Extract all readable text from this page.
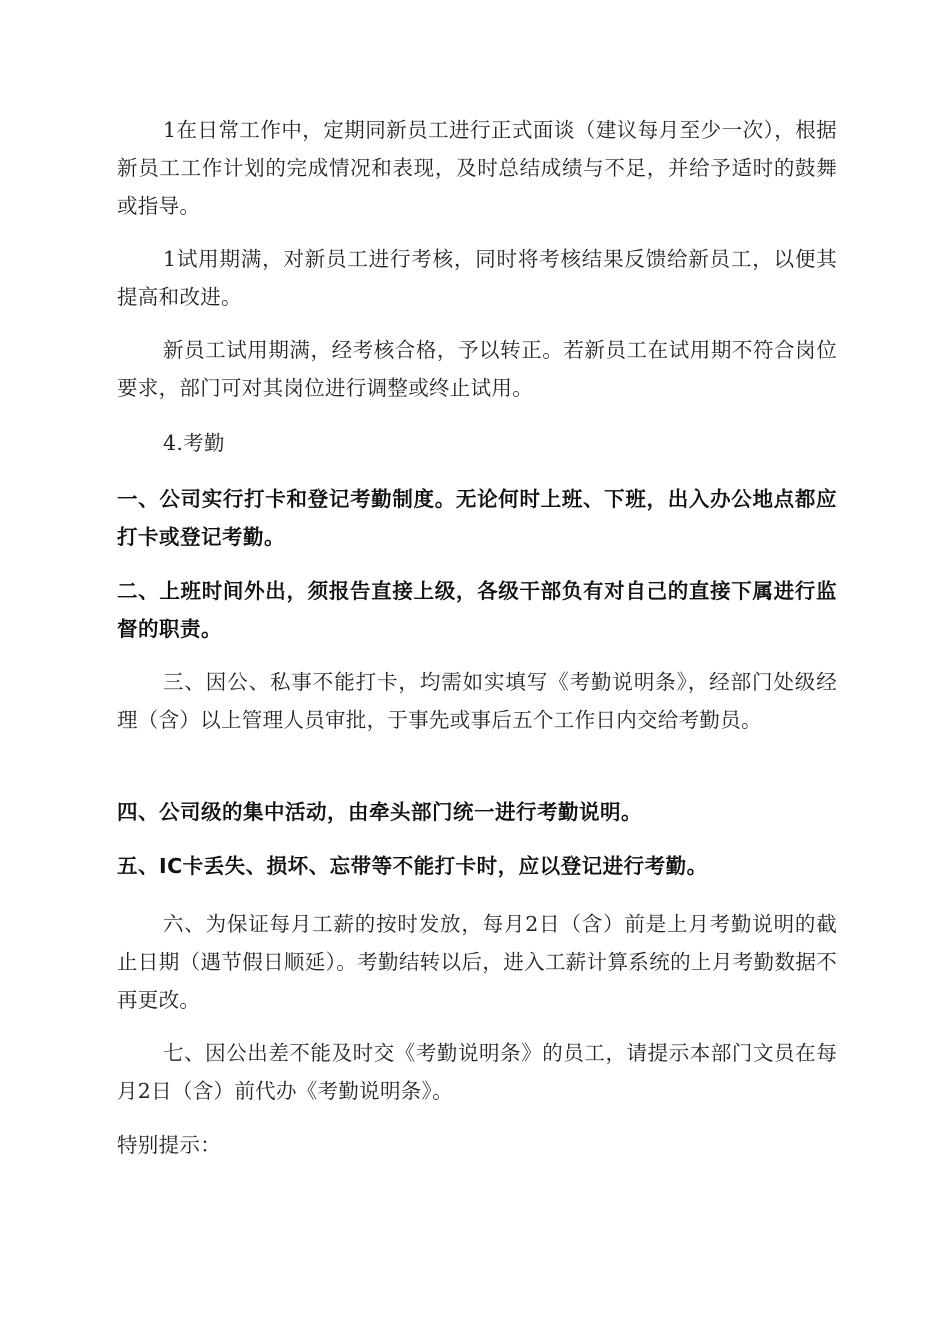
1在日常工作中，定期同新员工进行正式面谈（建议每月至少一次），根据新员工工作计划的完成情况和表现，及时总结成绩与不足，并给予适时的鼓舞或指导。

1试用期满，对新员工进行考核，同时将考核结果反馈给新员工，以便其提高和改进。

新员工试用期满，经考核合格，予以转正。若新员工在试用期不符合岗位要求，部门可对其岗位进行调整或终止试用。

4.考勤

一、公司实行打卡和登记考勤制度。无论何时上班、下班，出入办公地点都应打卡或登记考勤。

二、上班时间外出，须报告直接上级，各级干部负有对自己的直接下属进行监督的职责。

三、因公、私事不能打卡，均需如实填写《考勤说明条》，经部门处级经理（含）以上管理人员审批，于事先或事后五个工作日内交给考勤员。

四、公司级的集中活动，由牵头部门统一进行考勤说明。

五、IC卡丢失、损坏、忘带等不能打卡时，应以登记进行考勤。

六、为保证每月工薪的按时发放，每月2日（含）前是上月考勤说明的截止日期（遇节假日顺延）。考勤结转以后，进入工薪计算系统的上月考勤数据不再更改。

七、因公出差不能及时交《考勤说明条》的员工，请提示本部门文员在每月2日（含）前代办《考勤说明条》。

特别提示：
